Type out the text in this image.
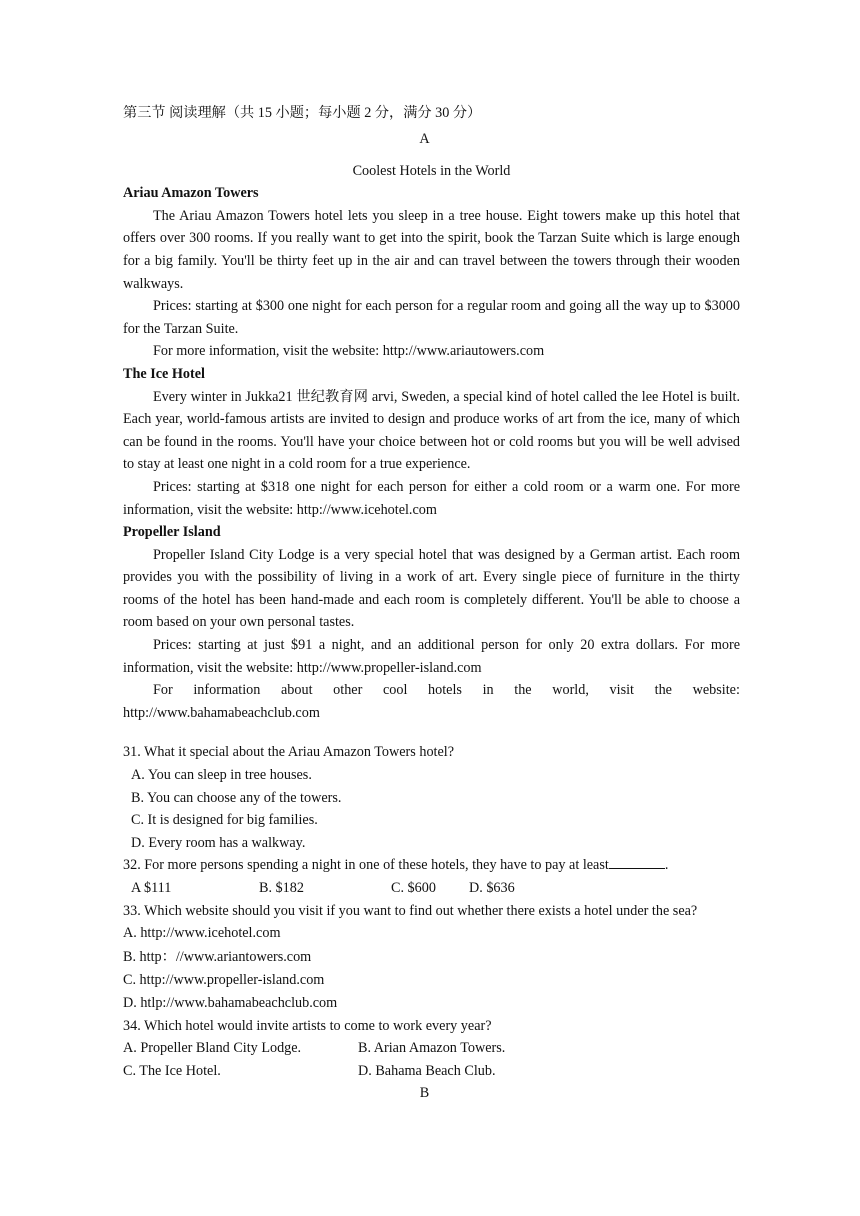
第三节 阅读理解（共 15 小题；每小题 2 分，满分 30 分）
A
Coolest Hotels in the World
Ariau Amazon Towers
The Ariau Amazon Towers hotel lets you sleep in a tree house. Eight towers make up this hotel that offers over 300 rooms. If you really want to get into the spirit, book the Tarzan Suite which is large enough for a big family. You'll be thirty feet up in the air and can travel between the towers through their wooden walkways.
Prices: starting at $300 one night for each person for a regular room and going all the way up to $3000 for the Tarzan Suite.
For more information, visit the website: http://www.ariautowers.com
The Ice Hotel
Every winter in Jukka21 世纪教育网 arvi, Sweden, a special kind of hotel called the lee Hotel is built. Each year, world-famous artists are invited to design and produce works of art from the ice, many of which can be found in the rooms. You'll have your choice between hot or cold rooms but you will be well advised to stay at least one night in a cold room for a true experience.
Prices: starting at $318 one night for each person for either a cold room or a warm one. For more information, visit the website: http://www.icehotel.com
Propeller Island
Propeller Island City Lodge is a very special hotel that was designed by a German artist. Each room provides you with the possibility of living in a work of art. Every single piece of furniture in the thirty rooms of the hotel has been hand-made and each room is completely different. You'll be able to choose a room based on your own personal tastes.
Prices: starting at just $91 a night, and an additional person for only 20 extra dollars. For more information, visit the website: http://www.propeller-island.com
For information about other cool hotels in the world, visit the website:
http://www.bahamabeachclub.com
31. What it special about the Ariau Amazon Towers hotel?
A. You can sleep in tree houses.
B. You can choose any of the towers.
C. It is designed for big families.
D. Every room has a walkway.
32. For more persons spending a night in one of these hotels, they have to pay at least	.
A $111	B. $182	C. $600	D. $636
33. Which website should you visit if you want to find out whether there exists a hotel under the sea?
A. http://www.icehotel.com
B. http：//www.ariantowers.com
C. http://www.propeller-island.com
D. htlp://www.bahamabeachclub.com
34. Which hotel would invite artists to come to work every year?
A. Propeller Bland City Lodge.	B. Arian Amazon Towers.
C. The Ice Hotel.	D. Bahama Beach Club.
B
